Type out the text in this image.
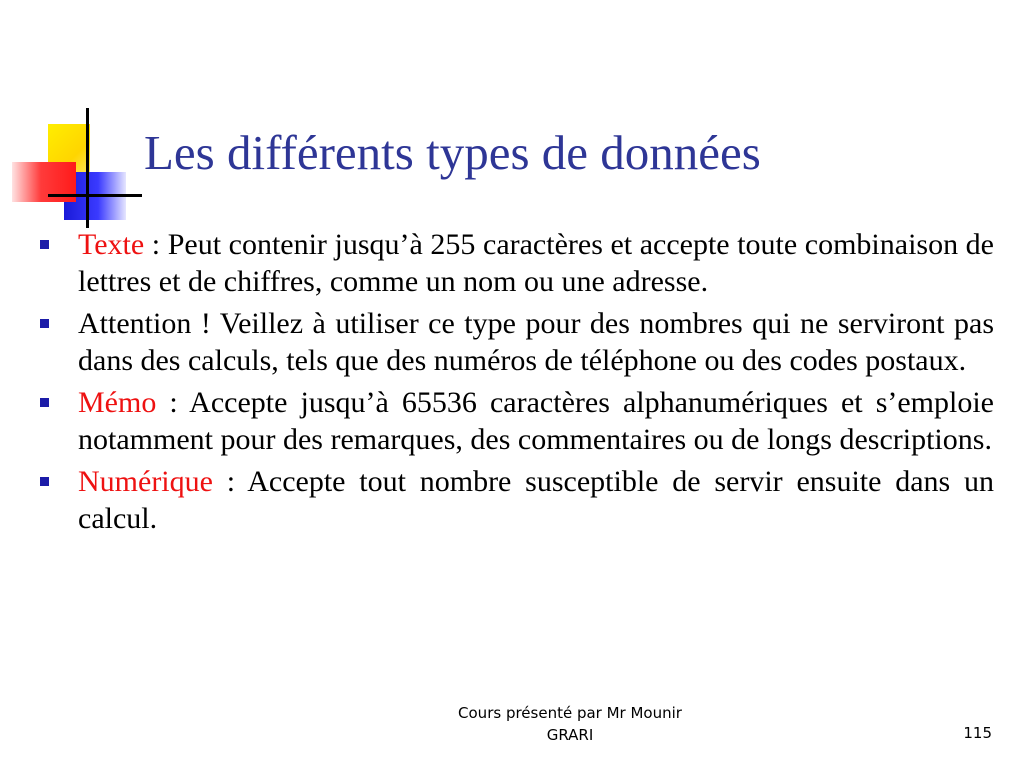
Les différents types de données
Texte : Peut contenir jusqu’à 255 caractères et accepte toute combinaison de lettres et de chiffres, comme un nom ou une adresse.
Attention ! Veillez à utiliser ce type pour des nombres qui ne serviront pas dans des calculs, tels que des numéros de téléphone ou des codes postaux.
Mémo : Accepte jusqu’à 65536 caractères alphanumériques et s’emploie notamment pour des remarques, des commentaires ou de longs descriptions.
Numérique : Accepte tout nombre susceptible de servir ensuite dans un calcul.
Cours présenté par Mr Mounir
GRARI	115
